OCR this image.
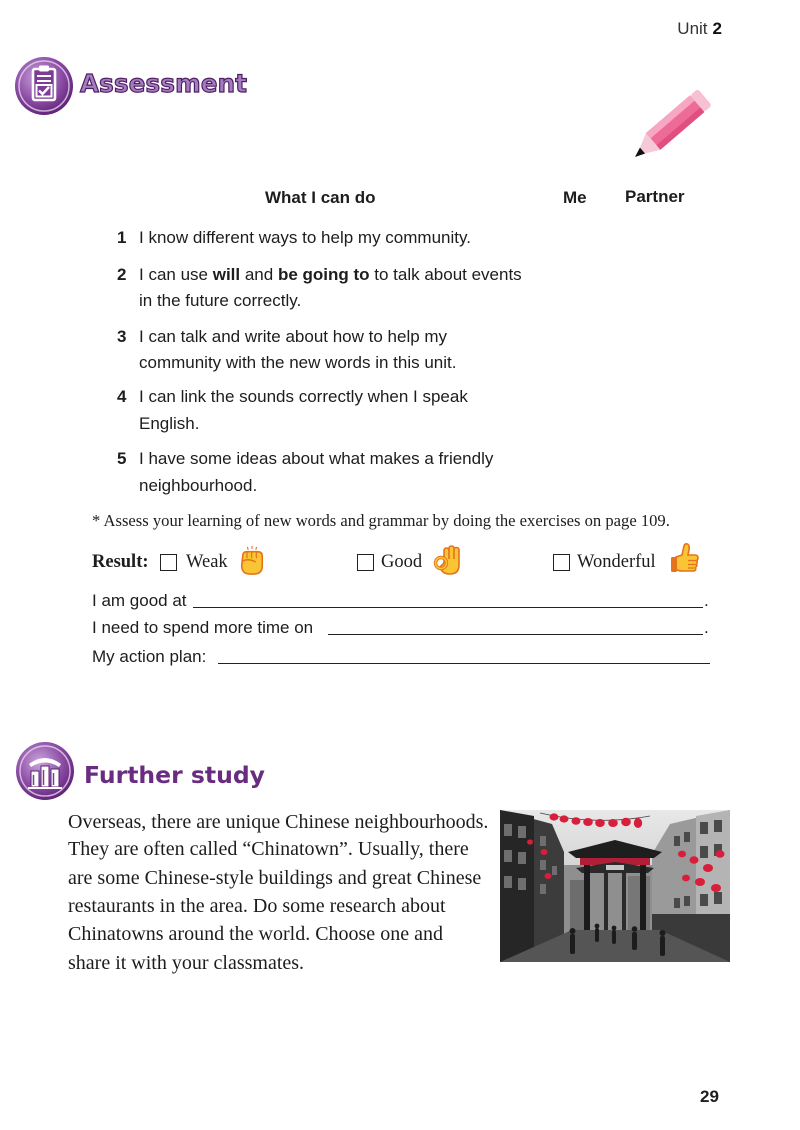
Unit 2
Assessment
What I can do	Me Partner
1 I know different ways to help my community.
2 I can use will and be going to to talk about events
in the future correctly.
3 I can talk and write about how to help my
community with the new words in this unit.
4 I can link the sounds correctly when I speak
English.
5 I have some ideas about what makes a friendly
neighbourhood.
* Assess your learning of new words and grammar by doing the exercises on page 109.
Result: Weak	Good	Wonderful
I am good at	.
I need to spend more time on	.
My action plan:
Further study
Overseas, there are unique Chinese neighbourhoods.
They are often called “Chinatown”. Usually, there
are some Chinese-style buildings and great Chinese
restaurants in the area. Do some research about
Chinatowns around the world. Choose one and
share it with your classmates.
29
